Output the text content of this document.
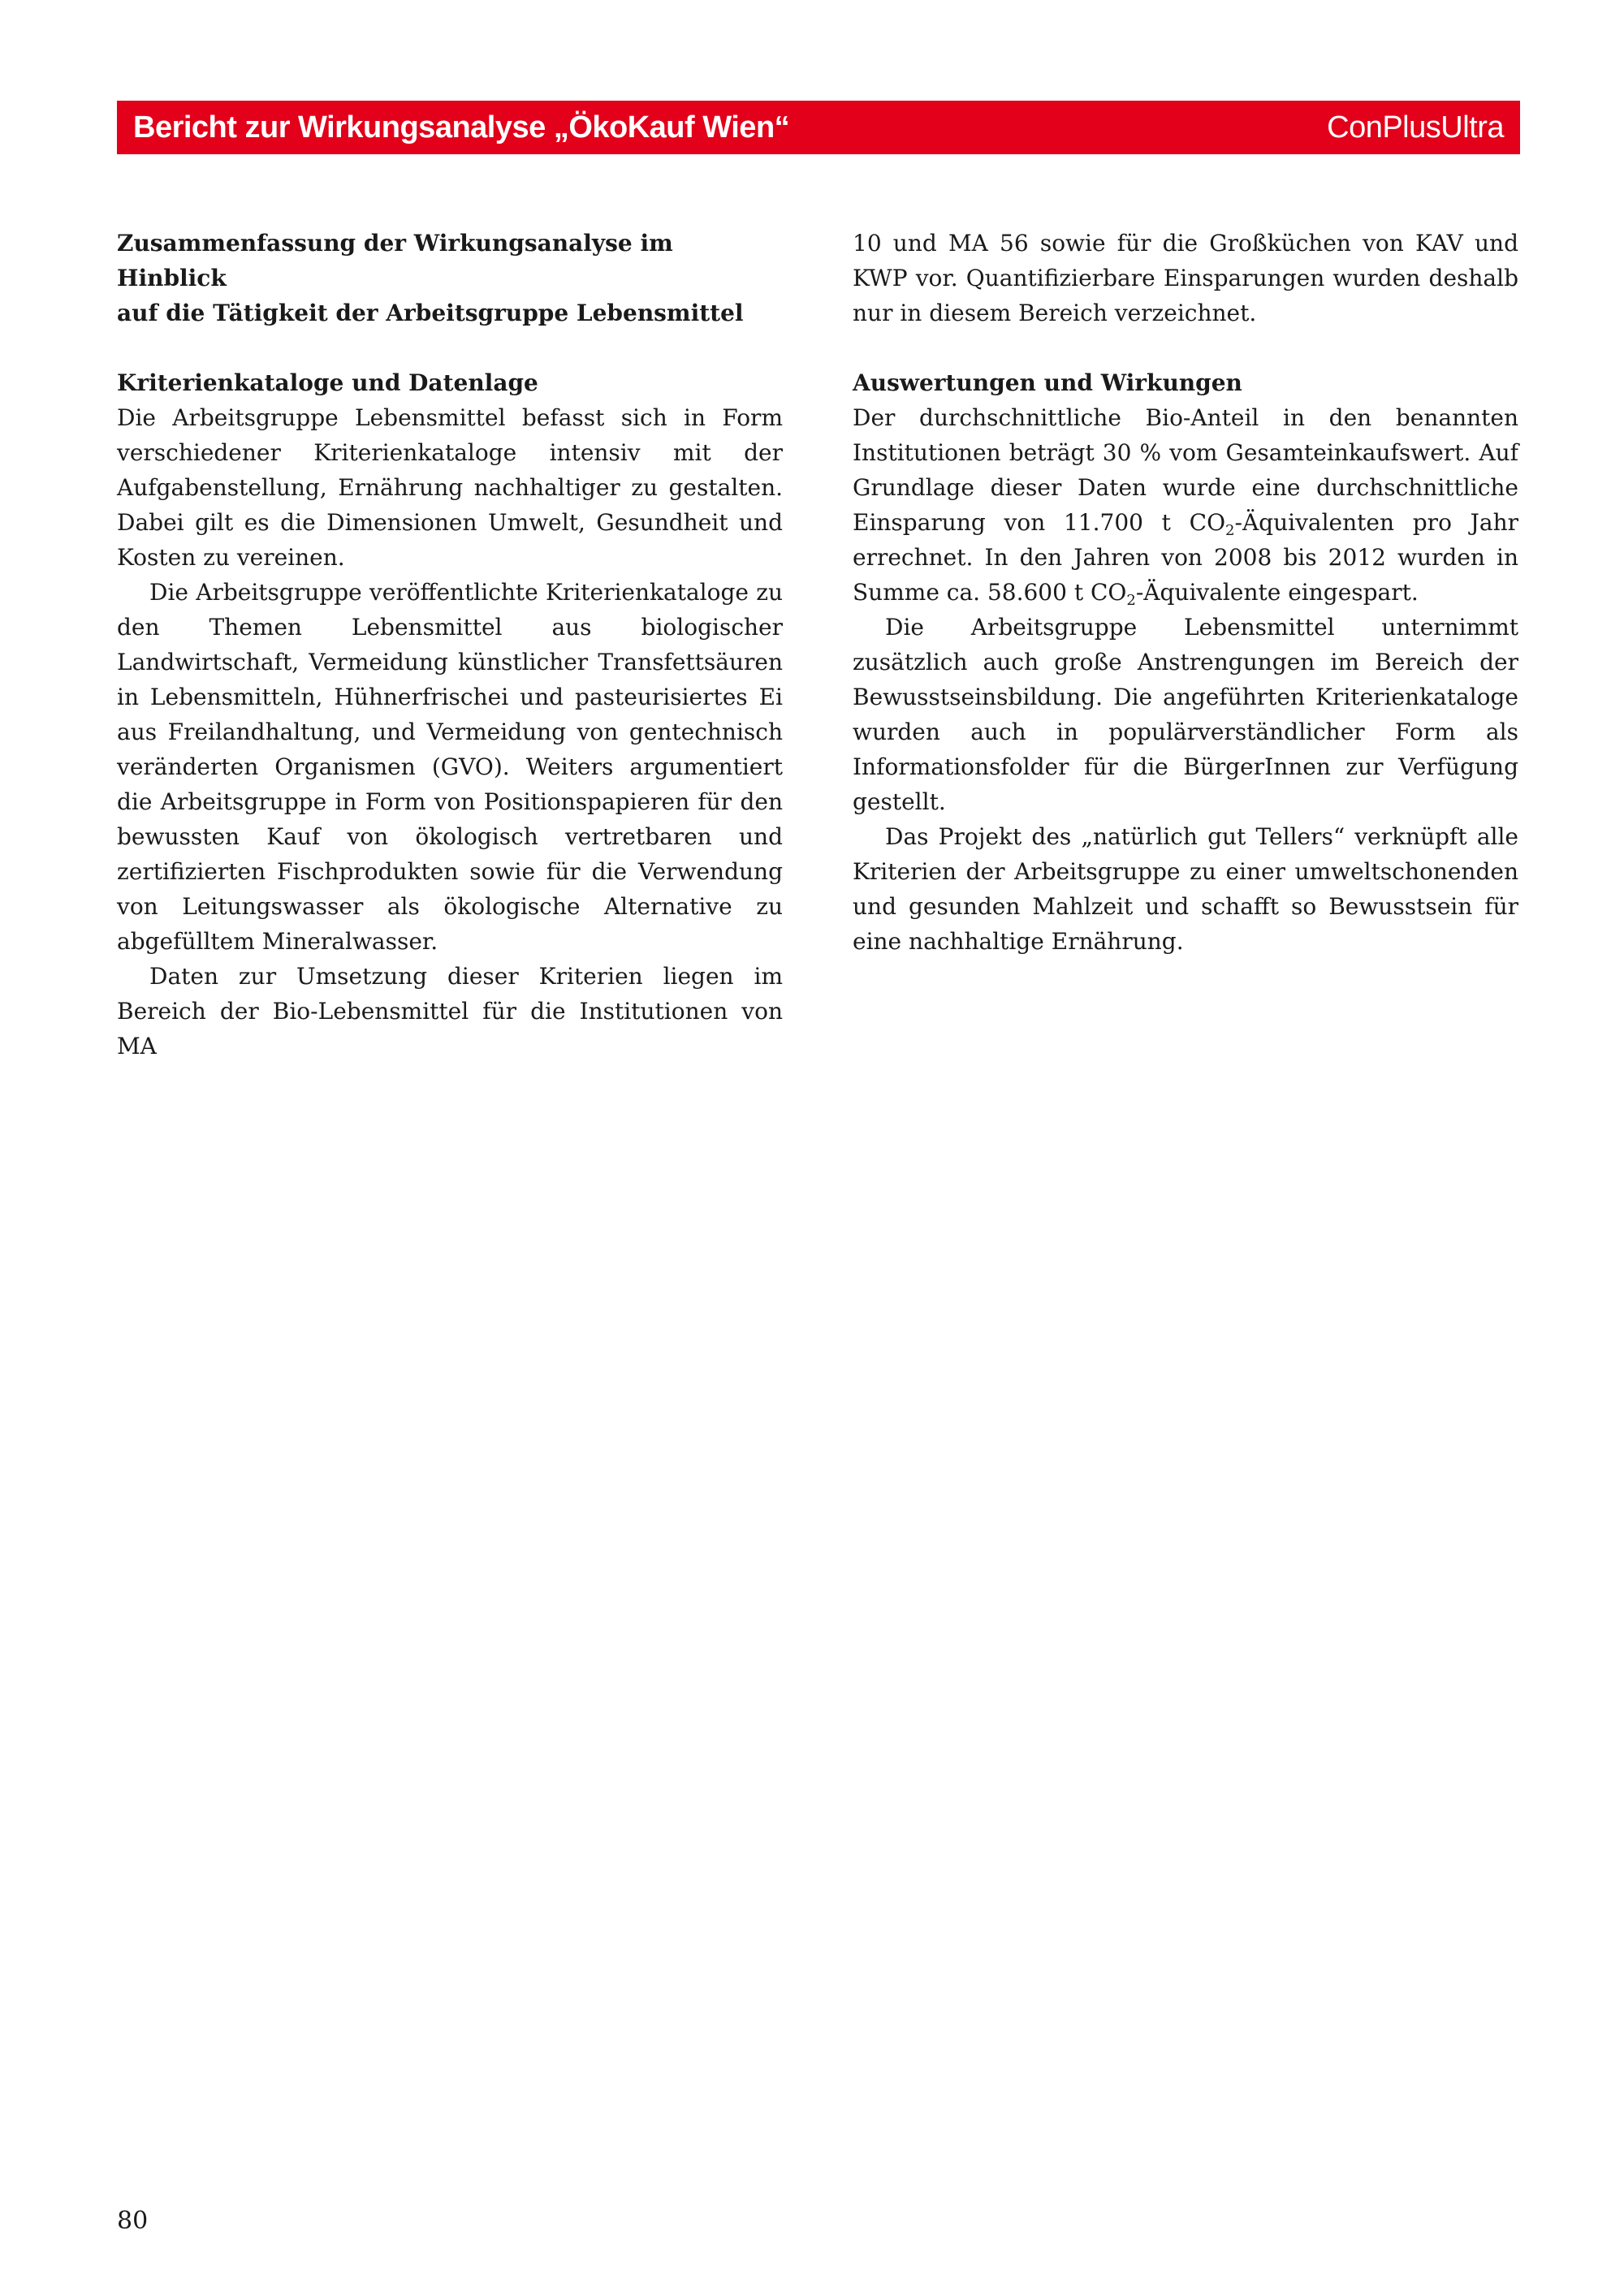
Bericht zur Wirkungsanalyse „ÖkoKauf Wien“	ConPlusUltra
Zusammenfassung der Wirkungsanalyse im Hinblick
auf die Tätigkeit der Arbeitsgruppe Lebensmittel
Kriterienkataloge und Datenlage

Die Arbeitsgruppe Lebensmittel befasst sich in Form verschiedener Kriterienkataloge intensiv mit der Aufgabenstellung, Ernährung nachhaltiger zu gestalten. Dabei gilt es die Dimensionen Umwelt, Gesundheit und Kosten zu vereinen.

Die Arbeitsgruppe veröffentlichte Kriterienkataloge zu den Themen Lebensmittel aus biologischer Landwirtschaft, Vermeidung künstlicher Transfettsäuren in Lebensmitteln, Hühnerfrischei und pasteurisiertes Ei aus Freilandhaltung, und Vermeidung von gentechnisch veränderten Organismen (GVO). Weiters argumentiert die Arbeitsgruppe in Form von Positionspapieren für den bewussten Kauf von ökologisch vertretbaren und zertifizierten Fischprodukten sowie für die Verwendung von Leitungswasser als ökologische Alternative zu abgefülltem Mineralwasser.

Daten zur Umsetzung dieser Kriterien liegen im Bereich der Bio-Lebensmittel für die Institutionen von MA

10 und MA 56 sowie für die Großküchen von KAV und KWP vor. Quantifizierbare Einsparungen wurden deshalb nur in diesem Bereich verzeichnet.

Auswertungen und Wirkungen

Der durchschnittliche Bio-Anteil in den benannten Institutionen beträgt 30 % vom Gesamteinkaufswert. Auf Grundlage dieser Daten wurde eine durchschnittliche Einsparung von 11.700 t $CO_2$-Äquivalenten pro Jahr errechnet. In den Jahren von 2008 bis 2012 wurden in Summe ca. 58.600 t $CO_2$-Äquivalente eingespart.

Die Arbeitsgruppe Lebensmittel unternimmt zusätzlich auch große Anstrengungen im Bereich der Bewusstseinsbildung. Die angeführten Kriterienkataloge wurden auch in populärverständlicher Form als Informationsfolder für die BürgerInnen zur Verfügung gestellt.

Das Projekt des „natürlich gut Tellers“ verknüpft alle Kriterien der Arbeitsgruppe zu einer umweltschonenden und gesunden Mahlzeit und schafft so Bewusstsein für eine nachhaltige Ernährung.

80
